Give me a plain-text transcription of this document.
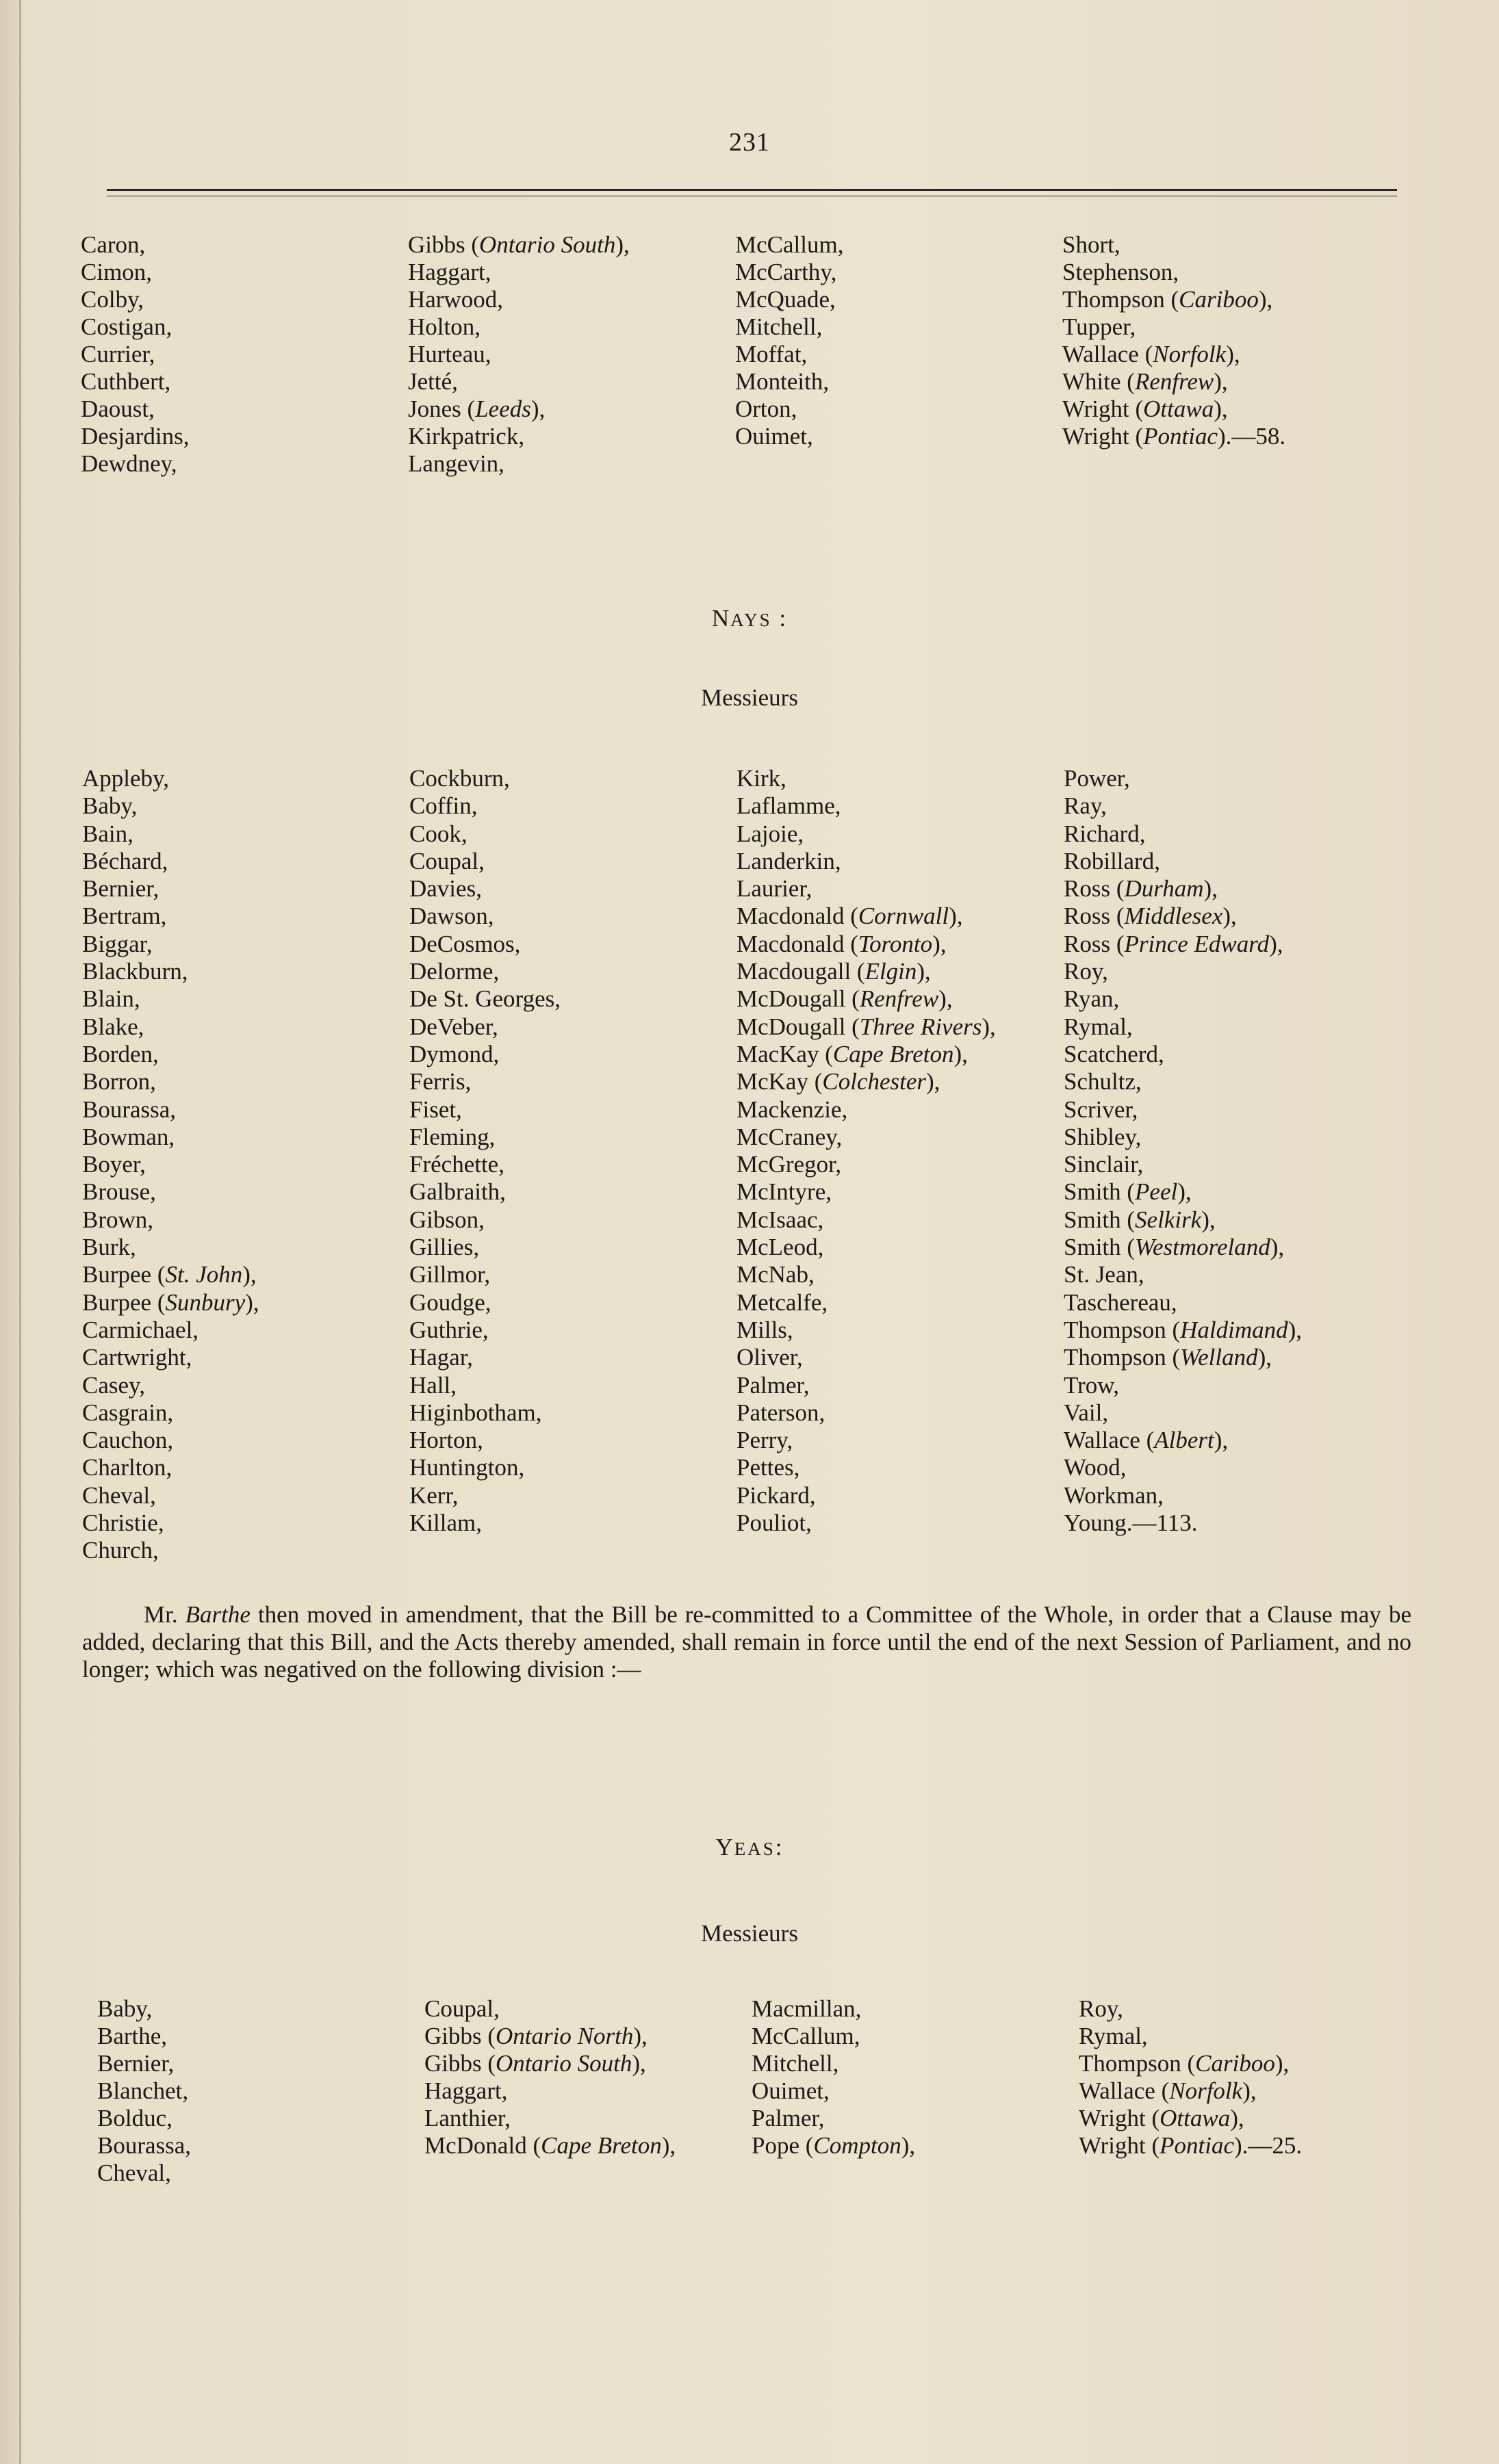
231
Caron,
Cimon,
Colby,
Costigan,
Currier,
Cuthbert,
Daoust,
Desjardins,
Dewdney,
Gibbs (Ontario South),
Haggart,
Harwood,
Holton,
Hurteau,
Jetté,
Jones (Leeds),
Kirkpatrick,
Langevin,
McCallum,
McCarthy,
McQuade,
Mitchell,
Moffat,
Monteith,
Orton,
Ouimet,
Short,
Stephenson,
Thompson (Cariboo),
Tupper,
Wallace (Norfolk),
White (Renfrew),
Wright (Ottawa),
Wright (Pontiac).—58.
NAYS :
Messieurs
Appleby,
Baby,
Bain,
Béchard,
Bernier,
Bertram,
Biggar,
Blackburn,
Blain,
Blake,
Borden,
Borron,
Bourassa,
Bowman,
Boyer,
Brouse,
Brown,
Burk,
Burpee (St. John),
Burpee (Sunbury),
Carmichael,
Cartwright,
Casey,
Casgrain,
Cauchon,
Charlton,
Cheval,
Christie,
Church,
Cockburn,
Coffin,
Cook,
Coupal,
Davies,
Dawson,
DeCosmos,
Delorme,
De St. Georges,
DeVeber,
Dymond,
Ferris,
Fiset,
Fleming,
Fréchette,
Galbraith,
Gibson,
Gillies,
Gillmor,
Goudge,
Guthrie,
Hagar,
Hall,
Higinbotham,
Horton,
Huntington,
Kerr,
Killam,
Kirk,
Laflamme,
Lajoie,
Landerkin,
Laurier,
Macdonald (Cornwall),
Macdonald (Toronto),
Macdougall (Elgin),
McDougall (Renfrew),
McDougall (Three Rivers),
MacKay (Cape Breton),
McKay (Colchester),
Mackenzie,
McCraney,
McGregor,
McIntyre,
McIsaac,
McLeod,
McNab,
Metcalfe,
Mills,
Oliver,
Palmer,
Paterson,
Perry,
Pettes,
Pickard,
Pouliot,
Power,
Ray,
Richard,
Robillard,
Ross (Durham),
Ross (Middlesex),
Ross (Prince Edward),
Roy,
Ryan,
Rymal,
Scatcherd,
Schultz,
Scriver,
Shibley,
Sinclair,
Smith (Peel),
Smith (Selkirk),
Smith (Westmoreland),
St. Jean,
Taschereau,
Thompson (Haldimand),
Thompson (Welland),
Trow,
Vail,
Wallace (Albert),
Wood,
Workman,
Young.—113.
Mr. Barthe then moved in amendment, that the Bill be re-committed to a Committee of the Whole, in order that a Clause may be added, declaring that this Bill, and the Acts thereby amended, shall remain in force until the end of the next Session of Parliament, and no longer; which was negatived on the following division :—
YEAS:
Messieurs
Baby,
Barthe,
Bernier,
Blanchet,
Bolduc,
Bourassa,
Cheval,
Coupal,
Gibbs (Ontario North),
Gibbs (Ontario South),
Haggart,
Lanthier,
McDonald (Cape Breton),
Macmillan,
McCallum,
Mitchell,
Ouimet,
Palmer,
Pope (Compton),
Roy,
Rymal,
Thompson (Cariboo),
Wallace (Norfolk),
Wright (Ottawa),
Wright (Pontiac).—25.
